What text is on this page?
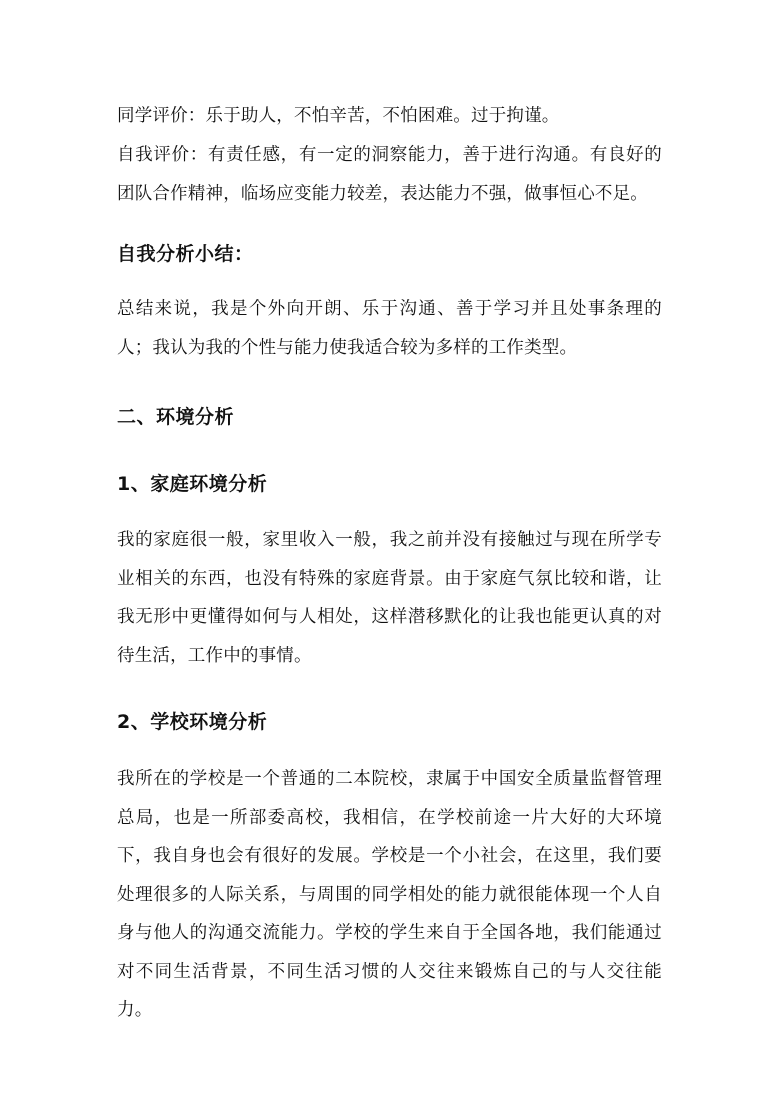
同学评价：乐于助人，不怕辛苦，不怕困难。过于拘谨。
自我评价：有责任感，有一定的洞察能力，善于进行沟通。有良好的团队合作精神，临场应变能力较差，表达能力不强，做事恒心不足。
自我分析小结：
总结来说，我是个外向开朗、乐于沟通、善于学习并且处事条理的人；我认为我的个性与能力使我适合较为多样的工作类型。
二、环境分析
1、家庭环境分析
我的家庭很一般，家里收入一般，我之前并没有接触过与现在所学专业相关的东西，也没有特殊的家庭背景。由于家庭气氛比较和谐，让我无形中更懂得如何与人相处，这样潜移默化的让我也能更认真的对待生活，工作中的事情。
2、学校环境分析
我所在的学校是一个普通的二本院校，隶属于中国安全质量监督管理总局，也是一所部委高校，我相信，在学校前途一片大好的大环境下，我自身也会有很好的发展。学校是一个小社会，在这里，我们要处理很多的人际关系，与周围的同学相处的能力就很能体现一个人自身与他人的沟通交流能力。学校的学生来自于全国各地，我们能通过对不同生活背景，不同生活习惯的人交往来锻炼自己的与人交往能力。
